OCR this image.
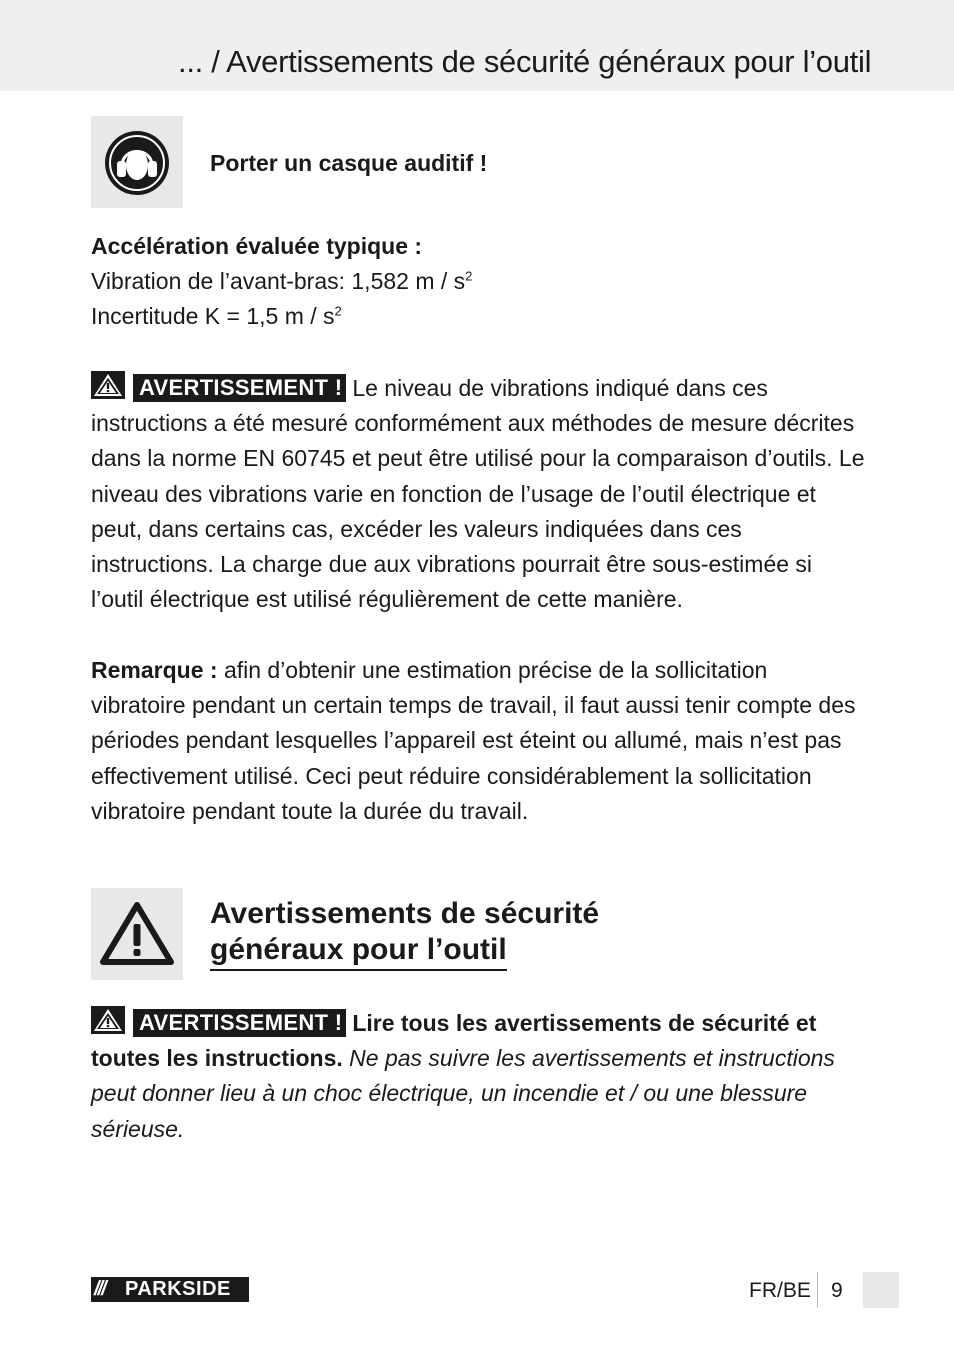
... / Avertissements de sécurité généraux pour l’outil
Porter un casque auditif !
Accélération évaluée typique :
Vibration de l’avant-bras: 1,582 m / $s^2$
Incertitude K = 1,5 m / $s^2$
AVERTISSEMENT ! Le niveau de vibrations indiqué dans ces instructions a été mesuré conformément aux méthodes de mesure décrites dans la norme EN 60745 et peut être utilisé pour la comparaison d’outils. Le niveau des vibrations varie en fonction de l’usage de l’outil électrique et peut, dans certains cas, excéder les valeurs indiquées dans ces instructions. La charge due aux vibrations pourrait être sous-estimée si l’outil électrique est utilisé régulièrement de cette manière.
Remarque : afin d’obtenir une estimation précise de la sollicitation vibratoire pendant un certain temps de travail, il faut aussi tenir compte des périodes pendant lesquelles l’appareil est éteint ou allumé, mais n’est pas effectivement utilisé. Ceci peut réduire considérablement la sollicitation vibratoire pendant toute la durée du travail.
Avertissements de sécurité
généraux pour l’outil
AVERTISSEMENT ! Lire tous les avertissements de sécurité et toutes les instructions. Ne pas suivre les avertissements et instructions peut donner lieu à un choc électrique, un incendie et / ou une blessure sérieuse.
/// PARKSIDE	FR/BE 9
